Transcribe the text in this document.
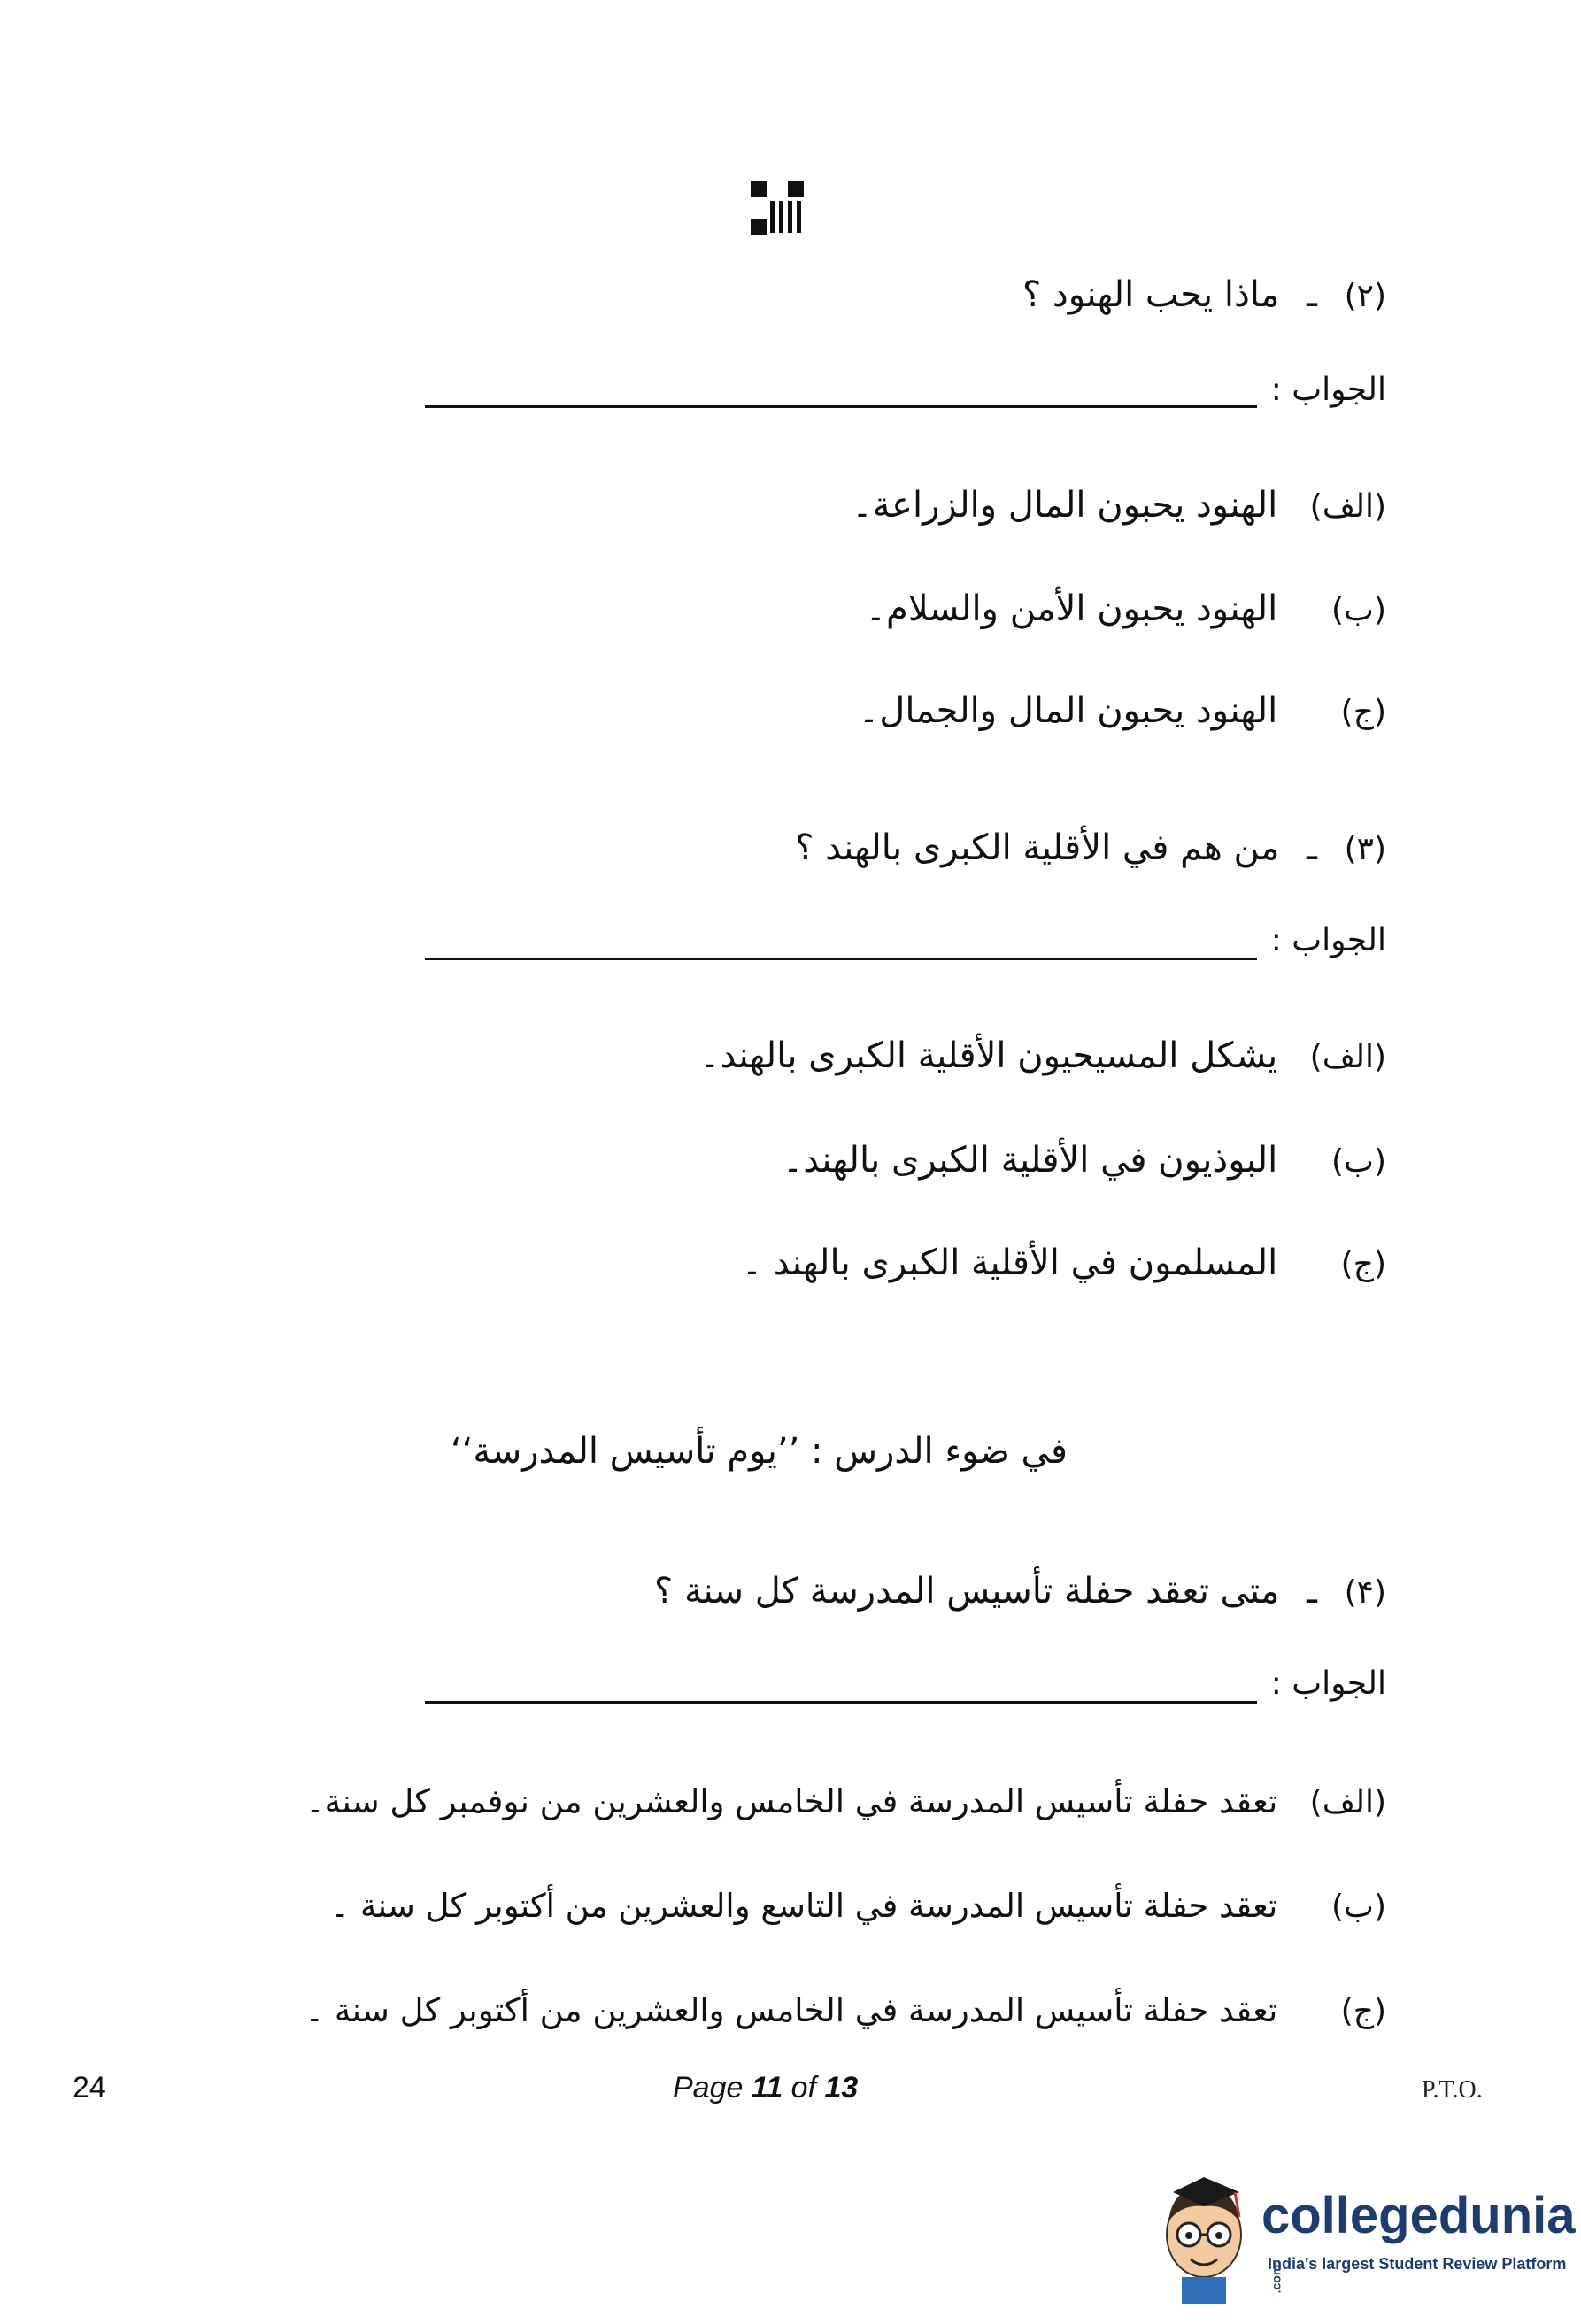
(٢) ـ ماذا يحب الهنود ؟
الجواب :
(الف) الهنود يحبون المال والزراعة۔
(ب) الهنود يحبون الأمن والسلام۔
(ج) الهنود يحبون المال والجمال۔
(٣) ـ من هم في الأقلية الكبرى بالهند ؟
الجواب :
(الف) يشكل المسيحيون الأقلية الكبرى بالهند۔
(ب) البوذيون في الأقلية الكبرى بالهند۔
(ج) المسلمون في الأقلية الكبرى بالهند ۔
في ضوء الدرس : ’’يوم تأسيس المدرسة‘‘
(۴) ـ متى تعقد حفلة تأسيس المدرسة كل سنة ؟
الجواب :
(الف) تعقد حفلة تأسيس المدرسة في الخامس والعشرين من نوفمبر كل سنة۔
(ب) تعقد حفلة تأسيس المدرسة في التاسع والعشرين من أكتوبر كل سنة ۔
(ج) تعقد حفلة تأسيس المدرسة في الخامس والعشرين من أكتوبر كل سنة ۔
24	Page 11 of 13	P.T.O.
collegedunia.com
India's largest Student Review Platform
